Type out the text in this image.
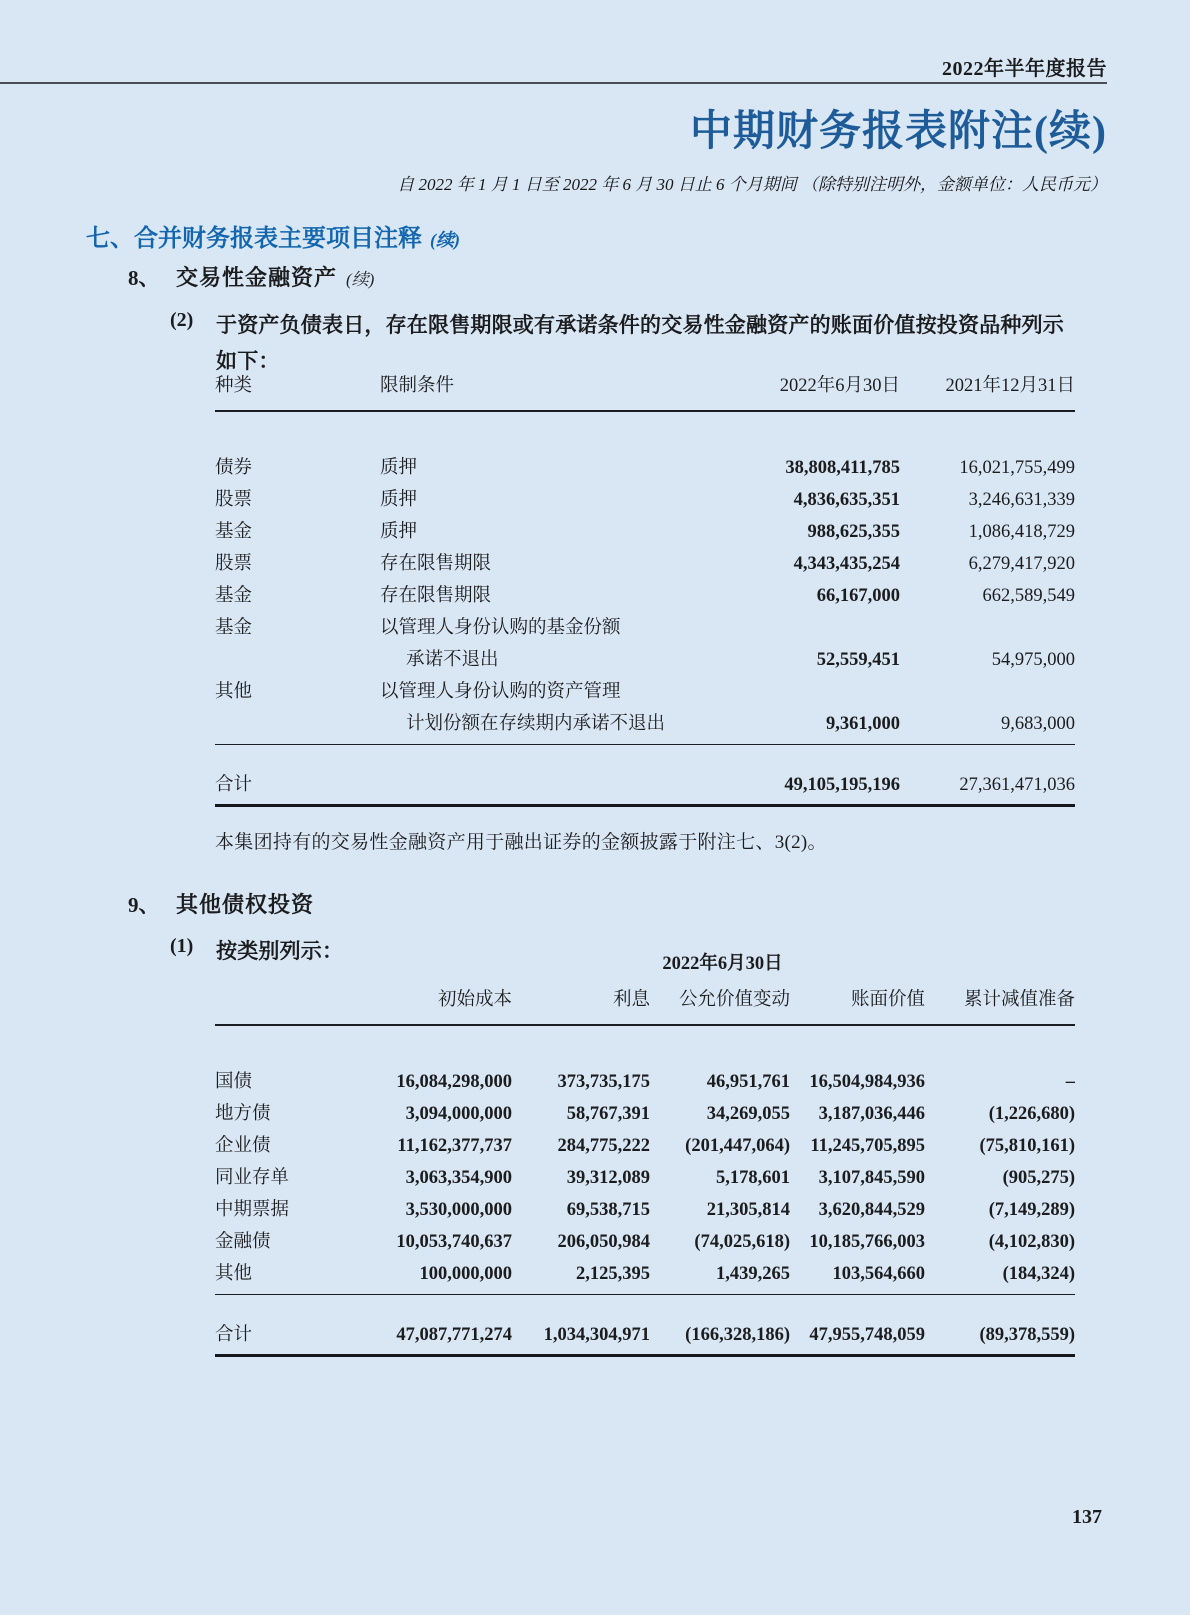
2022年半年度报告
中期财务报表附注(续)
自 2022 年 1 月 1 日至 2022 年 6 月 30 日止 6 个月期间 （除特别注明外，金额单位：人民币元）
七、合并财务报表主要项目注释 (续)
8、 交易性金融资产 (续)
(2)	于资产负债表日，存在限售期限或有承诺条件的交易性金融资产的账面价值按投资品种列示如下：
种类	限制条件	2022年6月30日	2021年12月31日
债券	质押	38,808,411,785	16,021,755,499
股票	质押	4,836,635,351	3,246,631,339
基金	质押	988,625,355	1,086,418,729
股票	存在限售期限	4,343,435,254	6,279,417,920
基金	存在限售期限	66,167,000	662,589,549
基金	以管理人身份认购的基金份额		
	承诺不退出	52,559,451	54,975,000
其他	以管理人身份认购的资产管理		
	计划份额在存续期内承诺不退出	9,361,000	9,683,000
合计		49,105,195,196	27,361,471,036
本集团持有的交易性金融资产用于融出证券的金额披露于附注七、3(2)。
9、 其他债权投资
(1)	按类别列示：
	2022年6月30日				
	初始成本	利息	公允价值变动	账面价值	累计减值准备
国债	16,084,298,000	373,735,175	46,951,761	16,504,984,936	–
地方债	3,094,000,000	58,767,391	34,269,055	3,187,036,446	(1,226,680)
企业债	11,162,377,737	284,775,222	(201,447,064)	11,245,705,895	(75,810,161)
同业存单	3,063,354,900	39,312,089	5,178,601	3,107,845,590	(905,275)
中期票据	3,530,000,000	69,538,715	21,305,814	3,620,844,529	(7,149,289)
金融债	10,053,740,637	206,050,984	(74,025,618)	10,185,766,003	(4,102,830)
其他	100,000,000	2,125,395	1,439,265	103,564,660	(184,324)
合计	47,087,771,274	1,034,304,971	(166,328,186)	47,955,748,059	(89,378,559)
137
